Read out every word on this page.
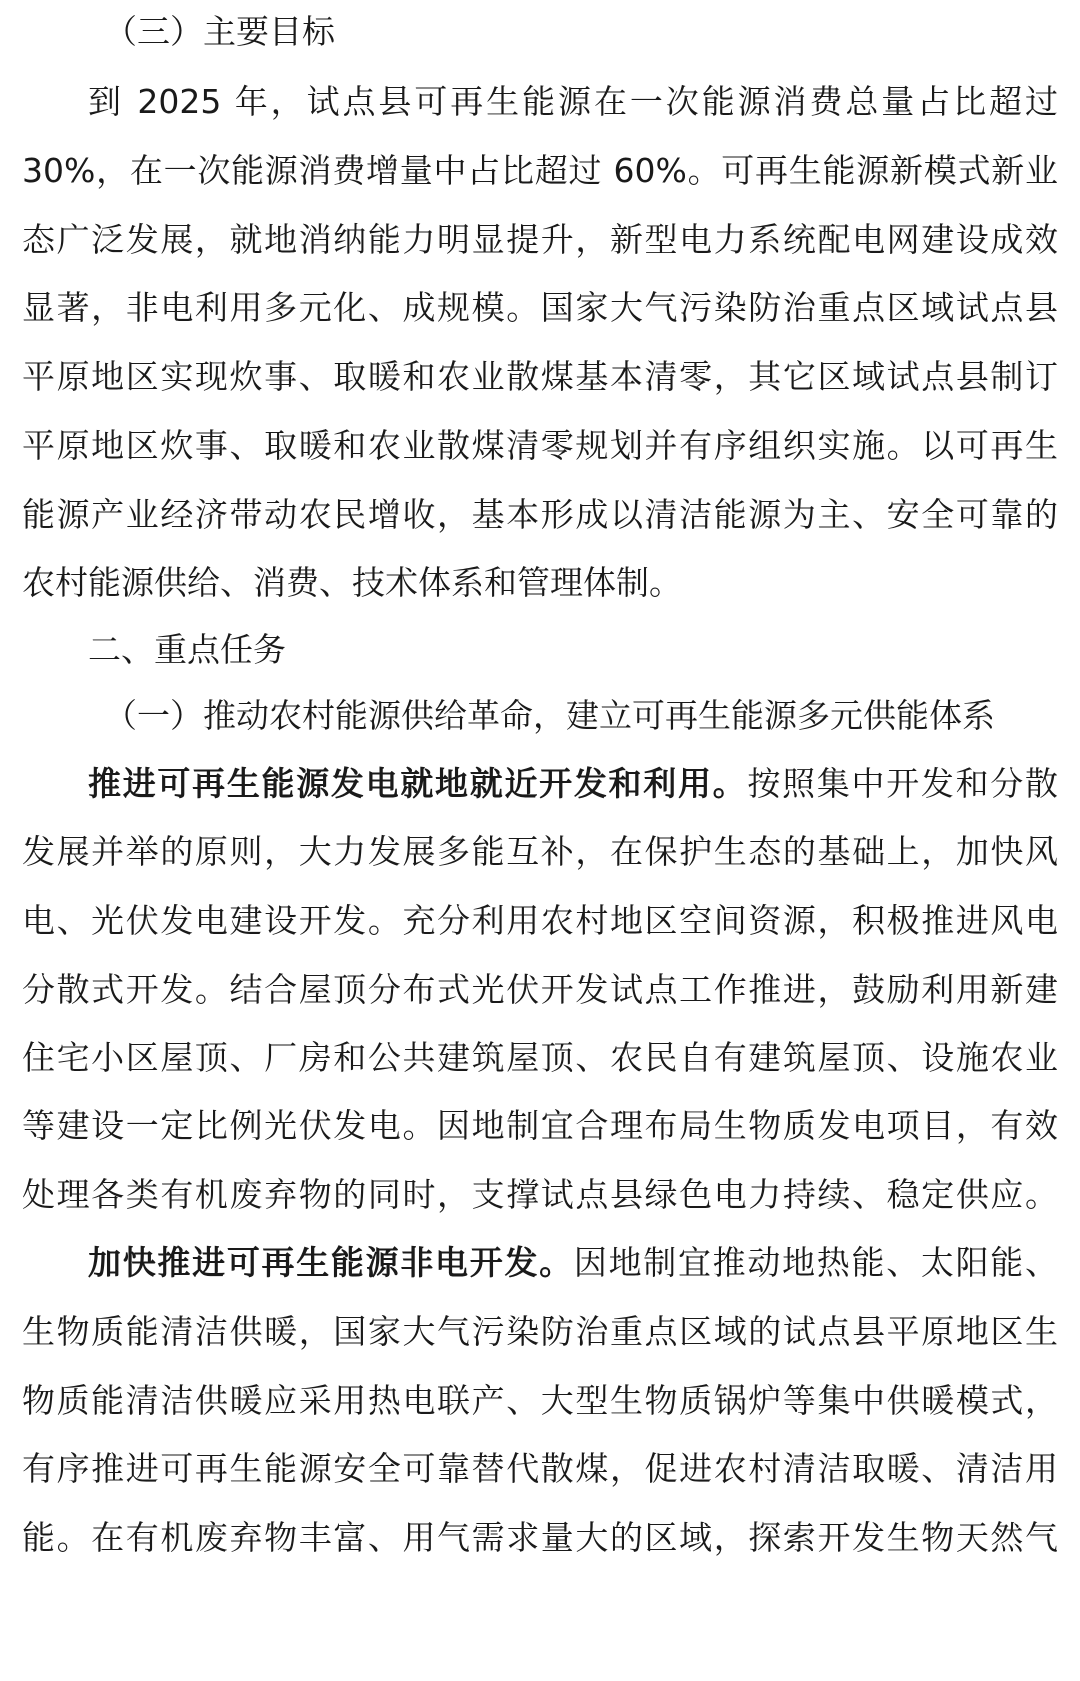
（三）主要目标
到 2025 年，试点县可再生能源在一次能源消费总量占比超过
30%，在一次能源消费增量中占比超过 60%。可再生能源新模式新业
态广泛发展，就地消纳能力明显提升，新型电力系统配电网建设成效
显著，非电利用多元化、成规模。国家大气污染防治重点区域试点县
平原地区实现炊事、取暖和农业散煤基本清零，其它区域试点县制订
平原地区炊事、取暖和农业散煤清零规划并有序组织实施。以可再生
能源产业经济带动农民增收，基本形成以清洁能源为主、安全可靠的
农村能源供给、消费、技术体系和管理体制。
二、重点任务
（一）推动农村能源供给革命，建立可再生能源多元供能体系
推进可再生能源发电就地就近开发和利用。按照集中开发和分散
发展并举的原则，大力发展多能互补，在保护生态的基础上，加快风
电、光伏发电建设开发。充分利用农村地区空间资源，积极推进风电
分散式开发。结合屋顶分布式光伏开发试点工作推进，鼓励利用新建
住宅小区屋顶、厂房和公共建筑屋顶、农民自有建筑屋顶、设施农业
等建设一定比例光伏发电。因地制宜合理布局生物质发电项目，有效
处理各类有机废弃物的同时，支撑试点县绿色电力持续、稳定供应。
加快推进可再生能源非电开发。因地制宜推动地热能、太阳能、
生物质能清洁供暖，国家大气污染防治重点区域的试点县平原地区生
物质能清洁供暖应采用热电联产、大型生物质锅炉等集中供暖模式，
有序推进可再生能源安全可靠替代散煤，促进农村清洁取暖、清洁用
能。在有机废弃物丰富、用气需求量大的区域，探索开发生物天然气
